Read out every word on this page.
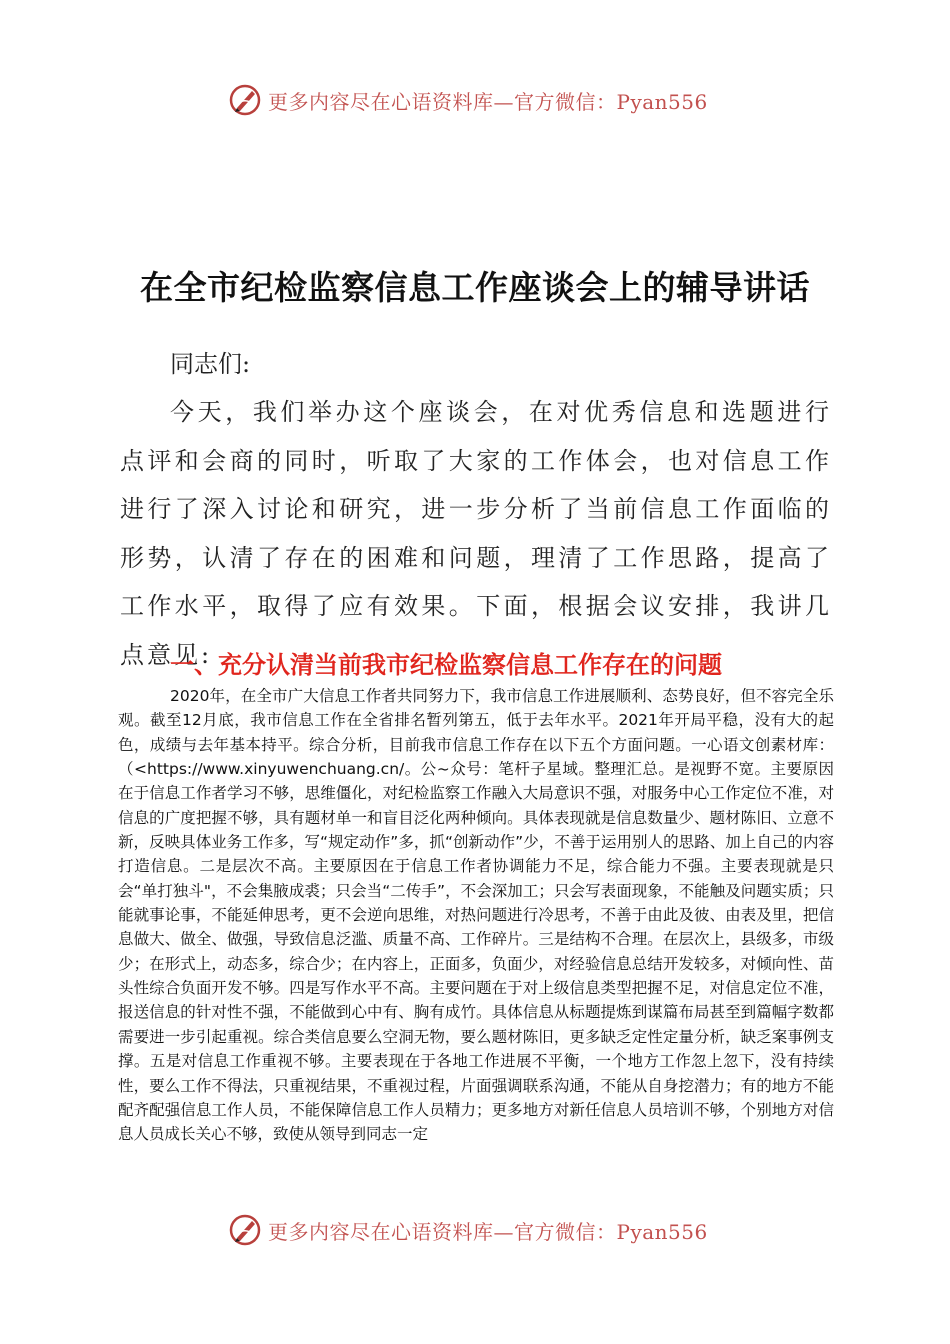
更多内容尽在心语资料库—官方微信：Pyan556
在全市纪检监察信息工作座谈会上的辅导讲话
同志们:

今天，我们举办这个座谈会，在对优秀信息和选题进行点评和会商的同时，听取了大家的工作体会，也对信息工作进行了深入讨论和研究，进一步分析了当前信息工作面临的形势，认清了存在的困难和问题，理清了工作思路，提高了工作水平，取得了应有效果。下面，根据会议安排，我讲几点意见:

一、充分认清当前我市纪检监察信息工作存在的问题

2020年，在全市广大信息工作者共同努力下，我市信息工作进展顺利、态势良好，但不容完全乐观。截至12月底，我市信息工作在全省排名暂列第五，低于去年水平。2021年开局平稳，没有大的起色，成绩与去年基本持平。综合分析，目前我市信息工作存在以下五个方面问题。一心语文创素材库：（<https://www.xinyuwenchuang.cn/。公~众号：笔杆子星域。整理汇总。是视野不宽。主要原因在于信息工作者学习不够，思维僵化，对纪检监察工作融入大局意识不强，对服务中心工作定位不准，对信息的广度把握不够，具有题材单一和盲目泛化两种倾向。具体表现就是信息数量少、题材陈旧、立意不新，反映具体业务工作多，写“规定动作”多，抓“创新动作”少，不善于运用别人的思路、加上自己的内容打造信息。二是层次不高。主要原因在于信息工作者协调能力不足，综合能力不强。主要表现就是只会“单打独斗"，不会集腋成裘；只会当“二传手”，不会深加工；只会写表面现象，不能触及问题实质；只能就事论事，不能延伸思考，更不会逆向思维，对热问题进行冷思考，不善于由此及彼、由表及里，把信息做大、做全、做强，导致信息泛滥、质量不高、工作碎片。三是结构不合理。在层次上，县级多，市级少；在形式上，动态多，综合少；在内容上，正面多，负面少，对经验信息总结开发较多，对倾向性、苗头性综合负面开发不够。四是写作水平不高。主要问题在于对上级信息类型把握不足，对信息定位不准，报送信息的针对性不强，不能做到心中有、胸有成竹。具体信息从标题提炼到谋篇布局甚至到篇幅字数都需要进一步引起重视。综合类信息要么空洞无物，要么题材陈旧，更多缺乏定性定量分析，缺乏案事例支撑。五是对信息工作重视不够。主要表现在于各地工作进展不平衡，一个地方工作忽上忽下，没有持续性，要么工作不得法，只重视结果，不重视过程，片面强调联系沟通，不能从自身挖潜力；有的地方不能配齐配强信息工作人员，不能保障信息工作人员精力；更多地方对新任信息人员培训不够，个别地方对信息人员成长关心不够，致使从领导到同志一定

更多内容尽在心语资料库—官方微信：Pyan556
